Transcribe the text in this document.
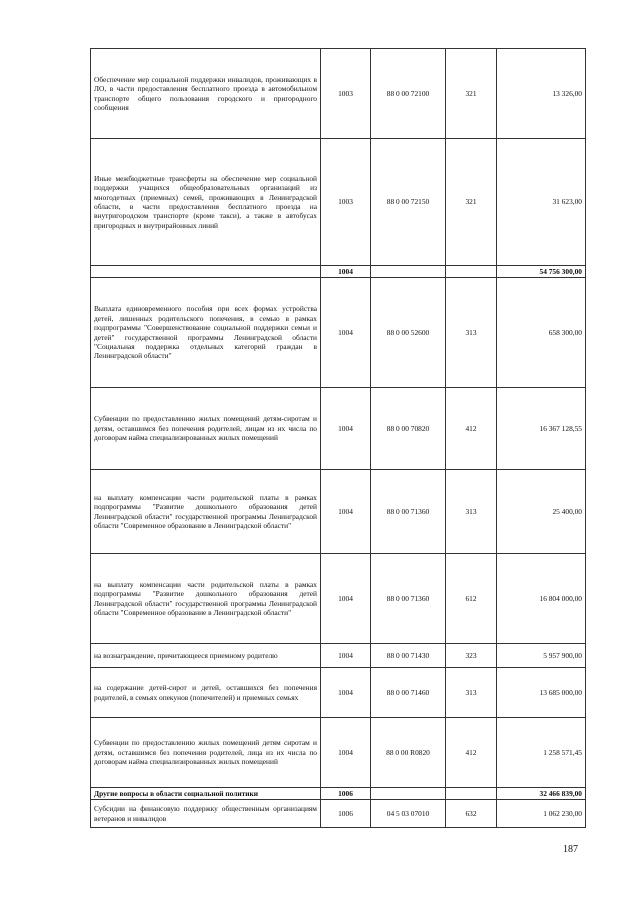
Обеспечение мер социальной поддержки инвалидов, проживающих в ЛО, в части предоставления бесплатного проезда в автомобильном транспорте общего пользования городского и пригородного сообщения	1003	88 0 00 72100	321	13 326,00
Иные межбюджетные трансферты на обеспечение мер социальной поддержки учащихся общеобразовательных организаций из многодетных (приемных) семей, проживающих в Ленинградской области, в части предоставления бесплатного проезда на внутригородском транспорте (кроме такси), а также в автобусах пригородных и внутрирайонных линий	1003	88 0 00 72150	321	31 623,00
	1004			54 756 300,00
Выплата единовременного пособия при всех формах устройства детей, лишенных родительского попечения, в семью в рамках подпрограммы "Совершенствование социальной поддержки семьи и детей" государственной программы Ленинградской области "Социальная поддержка отдельных категорий граждан в Ленинградской области"	1004	88 0 00 52600	313	658 300,00
Субвенции по предоставлению жилых помещений детям-сиротам и детям, оставшимся без попечения родителей, лицам из их числа по договорам найма специализированных жилых помещений	1004	88 0 00 70820	412	16 367 128,55
на выплату компенсации части родительской платы в рамках подпрограммы "Развитие дошкольного образования детей Ленинградской области" государственной программы Ленинградской области "Современное образование в Ленинградской области"	1004	88 0 00 71360	313	25 400,00
на выплату компенсации части родительской платы в рамках подпрограммы "Развитие дошкольного образования детей Ленинградской области" государственной программы Ленинградской области "Современное образование в Ленинградской области"	1004	88 0 00 71360	612	16 804 000,00
на вознаграждение, причитающееся приемному родителю	1004	88 0 00 71430	323	5 957 900,00
на содержание детей-сирот и детей, оставшихся без попечения родителей, в семьях опекунов (попечителей) и приемных семьях	1004	88 0 00 71460	313	13 685 000,00
Субвенции по предоставлению жилых помещений детям сиротам и детям, оставшимся без попечения родителей, лица из их числа по договорам найма специализированных жилых помещений	1004	88 0 00 R0820	412	1 258 571,45
Другие вопросы в области социальной политики	1006			32 466 839,00
Субсидии на финансовую поддержку общественным организациям ветеранов и инвалидов	1006	04 5 03 07010	632	1 062 230,00
187
